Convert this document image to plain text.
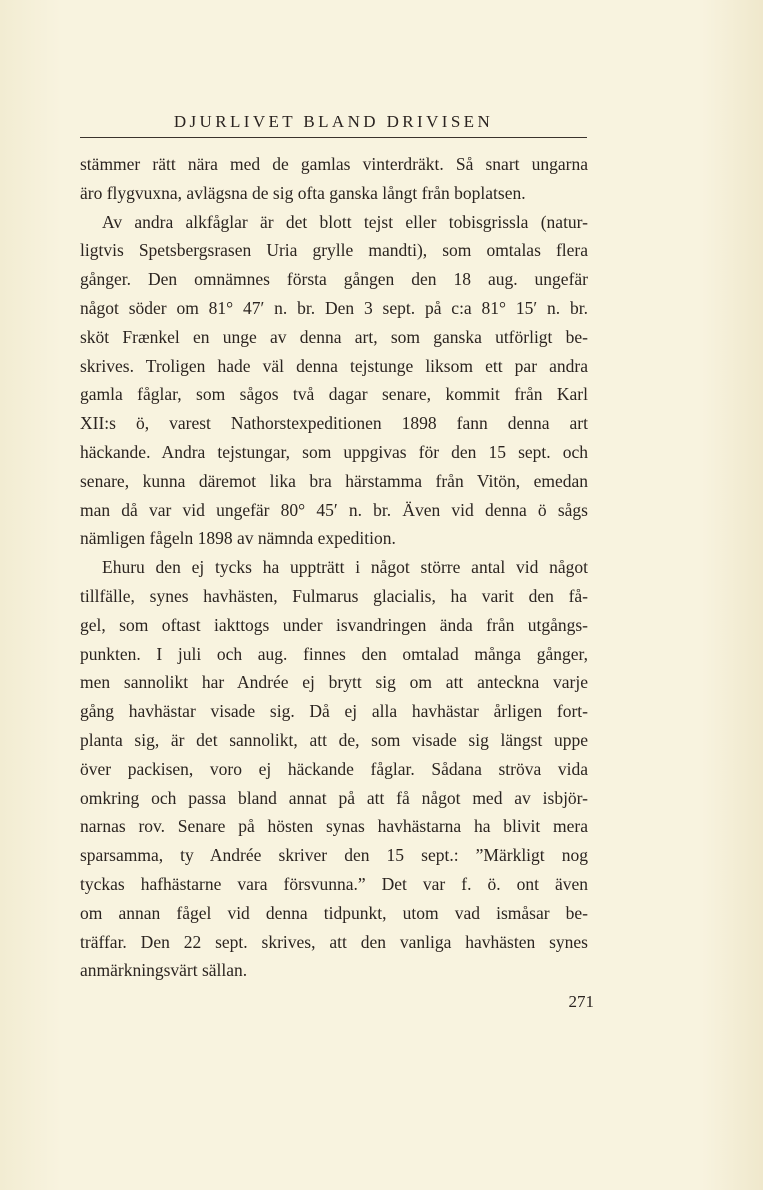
DJURLIVET BLAND DRIVISEN
stämmer rätt nära med de gamlas vinterdräkt. Så snart ungarna
äro flygvuxna, avlägsna de sig ofta ganska långt från boplatsen.
Av andra alkfåglar är det blott tejst eller tobisgrissla (natur-
ligtvis Spetsbergsrasen Uria grylle mandti), som omtalas flera
gånger. Den omnämnes första gången den 18 aug. ungefär
något söder om 81° 47′ n. br. Den 3 sept. på c:a 81° 15′ n. br.
sköt Frænkel en unge av denna art, som ganska utförligt be-
skrives. Troligen hade väl denna tejstunge liksom ett par andra
gamla fåglar, som sågos två dagar senare, kommit från Karl
XII:s ö, varest Nathorstexpeditionen 1898 fann denna art
häckande. Andra tejstungar, som uppgivas för den 15 sept. och
senare, kunna däremot lika bra härstamma från Vitön, emedan
man då var vid ungefär 80° 45′ n. br. Även vid denna ö sågs
nämligen fågeln 1898 av nämnda expedition.
Ehuru den ej tycks ha uppträtt i något större antal vid något
tillfälle, synes havhästen, Fulmarus glacialis, ha varit den få-
gel, som oftast iakttogs under isvandringen ända från utgångs-
punkten. I juli och aug. finnes den omtalad många gånger,
men sannolikt har Andrée ej brytt sig om att anteckna varje
gång havhästar visade sig. Då ej alla havhästar årligen fort-
planta sig, är det sannolikt, att de, som visade sig längst uppe
över packisen, voro ej häckande fåglar. Sådana ströva vida
omkring och passa bland annat på att få något med av isbjör-
narnas rov. Senare på hösten synas havhästarna ha blivit mera
sparsamma, ty Andrée skriver den 15 sept.: ”Märkligt nog
tyckas hafhästarne vara försvunna.” Det var f. ö. ont även
om annan fågel vid denna tidpunkt, utom vad ismåsar be-
träffar. Den 22 sept. skrives, att den vanliga havhästen synes
anmärkningsvärt sällan.
271
